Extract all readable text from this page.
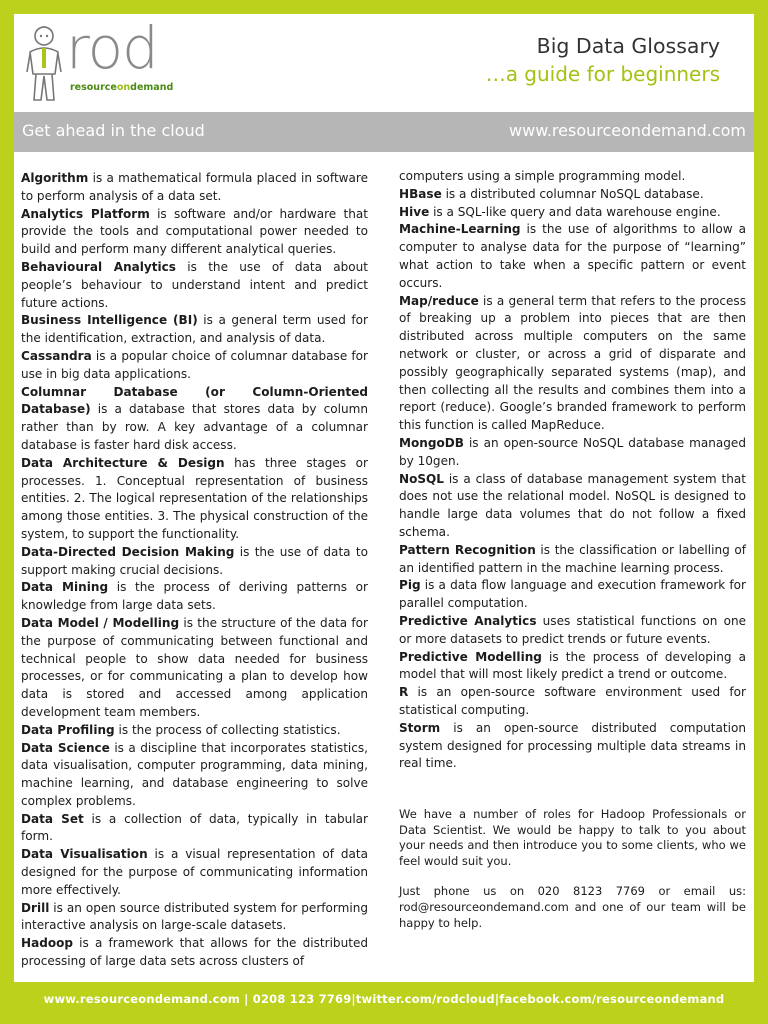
rod
resourceondemand
Big Data Glossary
…a guide for beginners
Get ahead in the cloud	www.resourceondemand.com
Algorithm is a mathematical formula placed in software to perform analysis of a data set.
Analytics Platform is software and/or hardware that provide the tools and computational power needed to build and perform many different analytical queries.
Behavioural Analytics is the use of data about people’s behaviour to understand intent and predict future actions.
Business Intelligence (BI) is a general term used for the identification, extraction, and analysis of data.
Cassandra is a popular choice of columnar database for use in big data applications.
Columnar Database (or Column-Oriented Database) is a database that stores data by column rather than by row. A key advantage of a columnar database is faster hard disk access.
Data Architecture & Design has three stages or processes. 1. Conceptual representation of business entities. 2. The logical representation of the relationships among those entities. 3. The physical construction of the system, to support the functionality.
Data-Directed Decision Making is the use of data to support making crucial decisions.
Data Mining is the process of deriving patterns or knowledge from large data sets.
Data Model / Modelling is the structure of the data for the purpose of communicating between functional and technical people to show data needed for business processes, or for communicating a plan to develop how data is stored and accessed among application development team members.
Data Profiling is the process of collecting statistics.
Data Science is a discipline that incorporates statistics, data visualisation, computer programming, data mining, machine learning, and database engineering to solve complex problems.
Data Set is a collection of data, typically in tabular form.
Data Visualisation is a visual representation of data designed for the purpose of communicating information more effectively.
Drill is an open source distributed system for performing interactive analysis on large-scale datasets.
Hadoop is a framework that allows for the distributed processing of large data sets across clusters of
computers using a simple programming model.
HBase is a distributed columnar NoSQL database.
Hive is a SQL-like query and data warehouse engine.
Machine-Learning is the use of algorithms to allow a computer to analyse data for the purpose of “learning” what action to take when a specific pattern or event occurs.
Map/reduce is a general term that refers to the process of breaking up a problem into pieces that are then distributed across multiple computers on the same network or cluster, or across a grid of disparate and possibly geographically separated systems (map), and then collecting all the results and combines them into a report (reduce). Google’s branded framework to perform this function is called MapReduce.
MongoDB is an open-source NoSQL database managed by 10gen.
NoSQL is a class of database management system that does not use the relational model. NoSQL is designed to handle large data volumes that do not follow a fixed schema.
Pattern Recognition is the classification or labelling of an identified pattern in the machine learning process.
Pig is a data flow language and execution framework for parallel computation.
Predictive Analytics uses statistical functions on one or more datasets to predict trends or future events.
Predictive Modelling is the process of developing a model that will most likely predict a trend or outcome.
R is an open-source software environment used for statistical computing.
Storm is an open-source distributed computation system designed for processing multiple data streams in real time.

We have a number of roles for Hadoop Professionals or Data Scientist. We would be happy to talk to you about your needs and then introduce you to some clients, who we feel would suit you.

Just phone us on 020 8123 7769 or email us: rod@resourceondemand.com and one of our team will be happy to help.

www.resourceondemand.com | 0208 123 7769|twitter.com/rodcloud|facebook.com/resourceondemand
